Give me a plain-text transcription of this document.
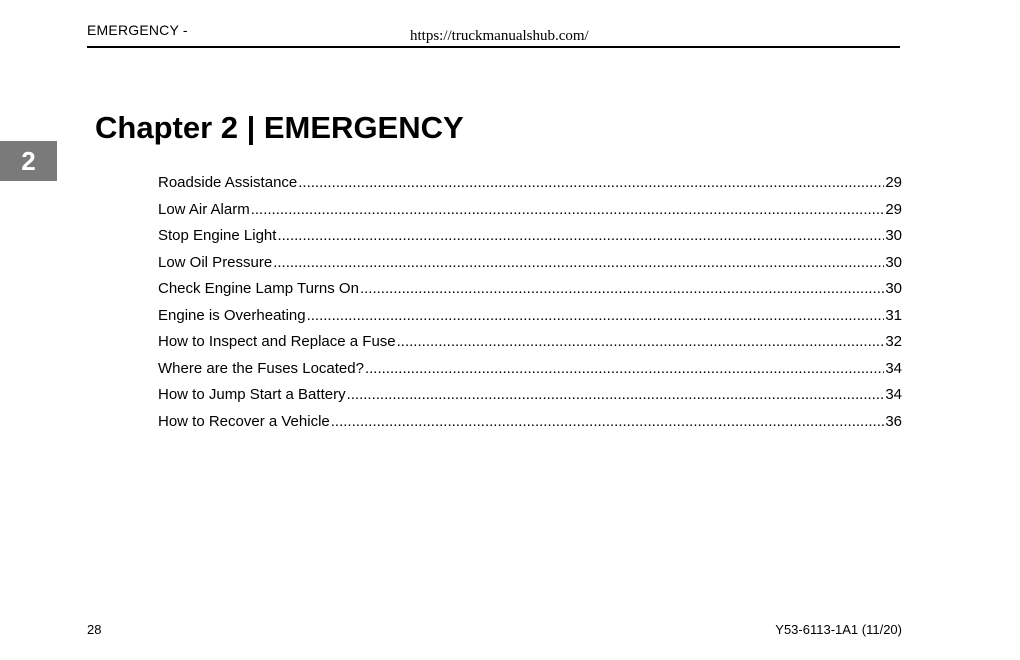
EMERGENCY -	https://truckmanualshub.com/
2
Chapter 2 | EMERGENCY
Roadside Assistance .....	29
Low Air Alarm .....	29
Stop Engine Light .....	30
Low Oil Pressure .....	30
Check Engine Lamp Turns On .....	30
Engine is Overheating .....	31
How to Inspect and Replace a Fuse .....	32
Where are the Fuses Located? .....	34
How to Jump Start a Battery .....	34
How to Recover a Vehicle .....	36
28	Y53-6113-1A1 (11/20)
